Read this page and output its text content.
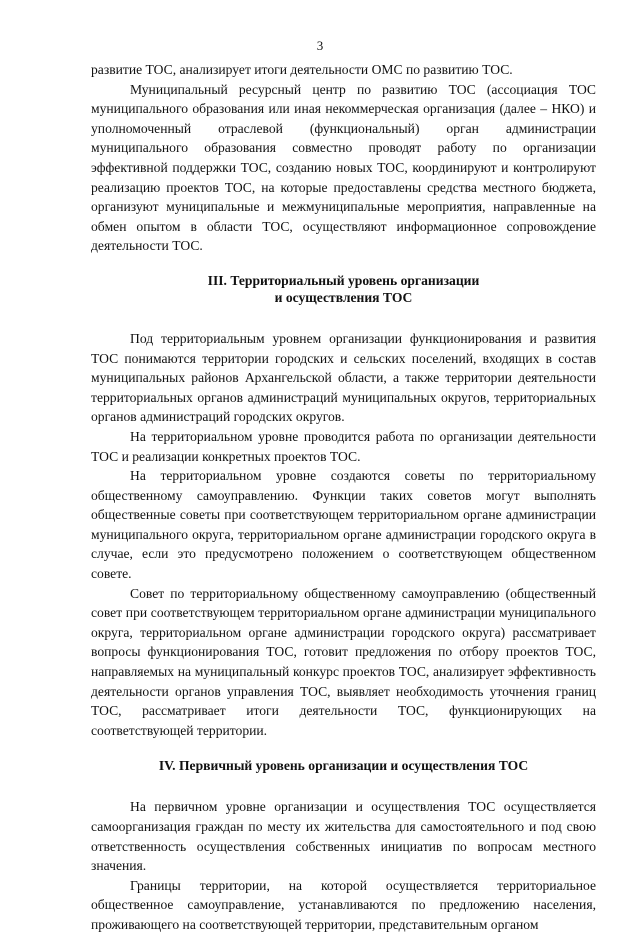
3

развитие ТОС, анализирует итоги деятельности ОМС по развитию ТОС.

Муниципальный ресурсный центр по развитию ТОС (ассоциация ТОС муниципального образования или иная некоммерческая организация (далее – НКО) и уполномоченный отраслевой (функциональный) орган администрации муниципального образования совместно проводят работу по организации эффективной поддержки ТОС, созданию новых ТОС, координируют и контролируют реализацию проектов ТОС, на которые предоставлены средства местного бюджета, организуют муниципальные и межмуниципальные мероприятия, направленные на обмен опытом в области ТОС, осуществляют информационное сопровождение деятельности ТОС.

III. Территориальный уровень организации
и осуществления ТОС

Под территориальным уровнем организации функционирования и развития ТОС понимаются территории городских и сельских поселений, входящих в состав муниципальных районов Архангельской области, а также территории деятельности территориальных органов администраций муниципальных округов, территориальных органов администраций городских округов.

На территориальном уровне проводится работа по организации деятельности ТОС и реализации конкретных проектов ТОС.

На территориальном уровне создаются советы по территориальному общественному самоуправлению. Функции таких советов могут выполнять общественные советы при соответствующем территориальном органе администрации муниципального округа, территориальном органе администрации городского округа в случае, если это предусмотрено положением о соответствующем общественном совете.

Совет по территориальному общественному самоуправлению (общественный совет при соответствующем территориальном органе администрации муниципального округа, территориальном органе администрации городского округа) рассматривает вопросы функционирования ТОС, готовит предложения по отбору проектов ТОС, направляемых на муниципальный конкурс проектов ТОС, анализирует эффективность деятельности органов управления ТОС, выявляет необходимость уточнения границ ТОС, рассматривает итоги деятельности ТОС, функционирующих на соответствующей территории.

IV. Первичный уровень организации и осуществления ТОС

На первичном уровне организации и осуществления ТОС осуществляется самоорганизация граждан по месту их жительства для самостоятельного и под свою ответственность осуществления собственных инициатив по вопросам местного значения.

Границы территории, на которой осуществляется территориальное общественное самоуправление, устанавливаются по предложению населения, проживающего на соответствующей территории, представительным органом
